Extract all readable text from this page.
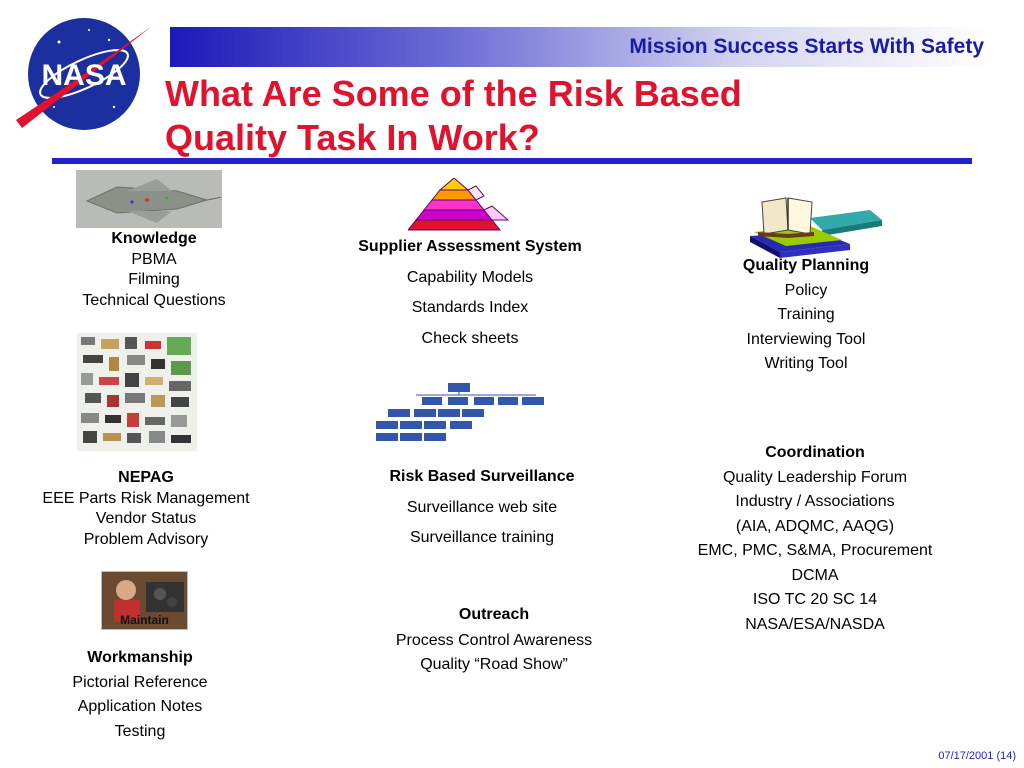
NASA
Mission Success Starts With Safety
What Are Some of the Risk Based
Quality Task In Work?
Knowledge
PBMA
Filming
Technical Questions
Supplier Assessment System
Capability Models
Standards Index
Check sheets
Quality Planning
Policy
Training
Interviewing Tool
Writing Tool
NEPAG
EEE Parts Risk Management
Vendor Status
Problem Advisory
Risk Based Surveillance
Surveillance web site
Surveillance training
Coordination
Quality Leadership Forum
Industry / Associations
(AIA, ADQMC, AAQG)
EMC, PMC, S&MA, Procurement
DCMA
ISO TC 20 SC 14
NASA/ESA/NASDA
Maintain
Workmanship
Pictorial Reference
Application Notes
Testing
Outreach
Process Control Awareness
Quality “Road Show”
07/17/2001 (14)
